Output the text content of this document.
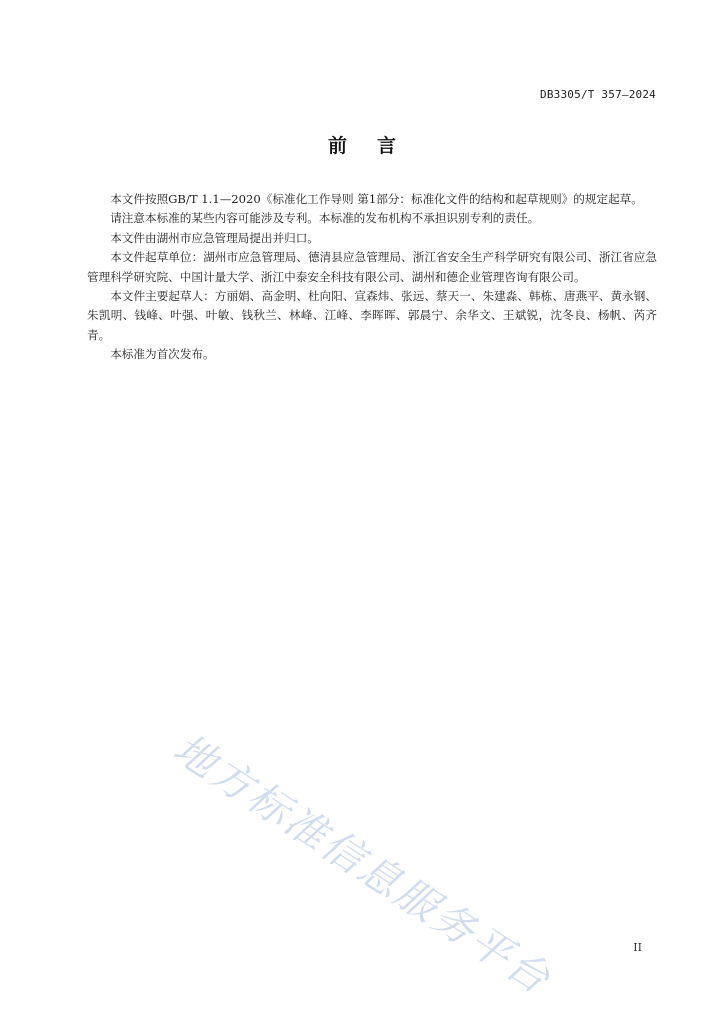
DB3305/T 357—2024
前言

本文件按照GB/T 1.1—2020《标准化工作导则 第1部分：标准化文件的结构和起草规则》的规定起草。

请注意本标准的某些内容可能涉及专利。本标准的发布机构不承担识别专利的责任。

本文件由湖州市应急管理局提出并归口。

本文件起草单位：湖州市应急管理局、德清县应急管理局、浙江省安全生产科学研究有限公司、浙江省应急管理科学研究院、中国计量大学、浙江中泰安全科技有限公司、湖州和德企业管理咨询有限公司。

本文件主要起草人：方丽娟、高金明、杜向阳、宣森炜、张远、蔡天一、朱建淼、韩栋、唐燕平、黄永钢、朱凯明、钱峰、叶强、叶敏、钱秋兰、林峰、江峰、李晖晖、郭晨宁、余华文、王斌锐，沈冬良、杨帆、芮齐青。

本标准为首次发布。

地方标准信息服务平台	II
